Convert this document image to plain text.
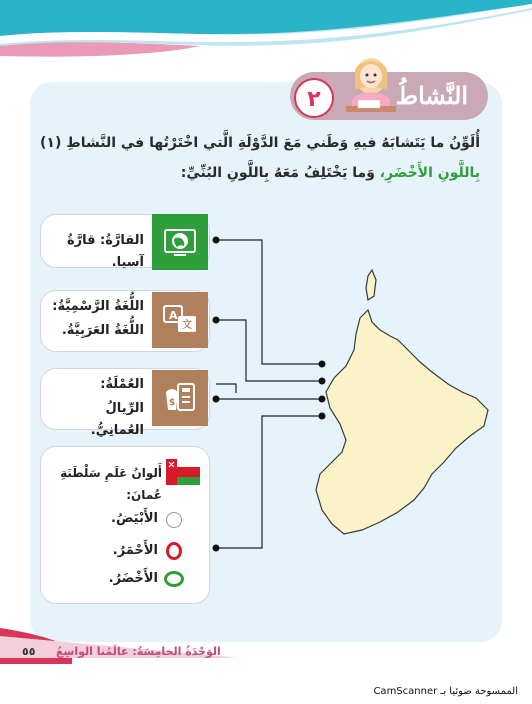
النَّشاطُ
٢
أُلَوِّنُ ما يَتَشابَهُ فيهِ وَطَني مَعَ الدَّوْلَةِ الَّتي اخْتَرْتُها في النَّشاطِ (١) بِاللَّونِ الأَخْضَرِ، وَما يَخْتَلِفُ مَعَهُ بِاللَّونِ البُنِّيِّ:
القارَّةُ: قارَّةُ آسيا.
A
文
اللُّغَةُ الرَّسْمِيَّةُ:
اللُّغَةُ العَرَبِيَّةُ.
$
العُمْلَةُ:
الرِّيالُ العُمانِيُّ.
أَلوانُ عَلَمِ سَلْطَنَةِ عُمانَ:
الأَبْيَضُ.
الأَحْمَرُ.
الأَخْضَرُ.
٥٥ الوَحْدَةُ الخامِسَةُ: عالَمُنا الواسِعُ
الممسوحة ضوئيا بـ CamScanner
